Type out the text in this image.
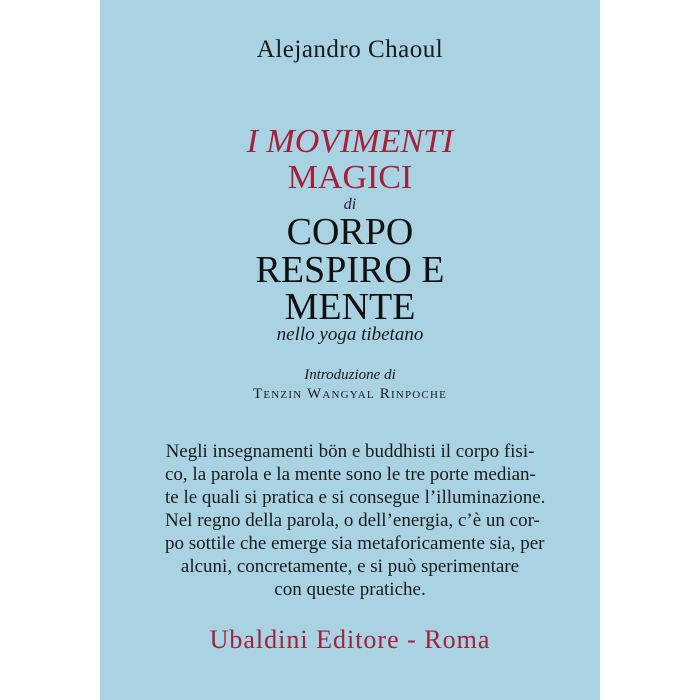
Alejandro Chaoul
I MOVIMENTI
MAGICI
di
CORPO
RESPIRO E
MENTE
nello yoga tibetano
Introduzione di
Tenzin Wangyal Rinpoche
Negli insegnamenti bön e buddhisti il corpo fisi-
co, la parola e la mente sono le tre porte median-
te le quali si pratica e si consegue l’illuminazione.
Nel regno della parola, o dell’energia, c’è un cor-
po sottile che emerge sia metaforicamente sia, per
alcuni, concretamente, e si può sperimentare
con queste pratiche.
Ubaldini Editore - Roma
